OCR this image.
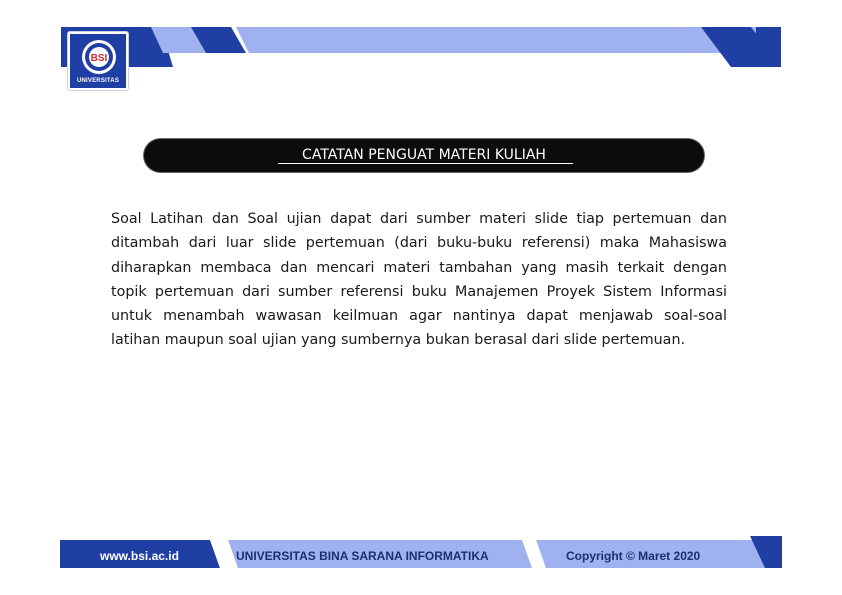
BSI
UNIVERSITAS
CATATAN PENGUAT MATERI KULIAH
Soal Latihan dan Soal ujian dapat dari sumber materi slide tiap pertemuan dan ditambah dari luar slide pertemuan (dari buku-buku referensi) maka Mahasiswa diharapkan membaca dan mencari materi tambahan yang masih terkait dengan topik pertemuan dari sumber referensi buku Manajemen Proyek Sistem Informasi untuk menambah wawasan keilmuan agar nantinya dapat menjawab soal-soal latihan maupun soal ujian yang sumbernya bukan berasal dari slide pertemuan.
www.bsi.ac.id	UNIVERSITAS BINA SARANA INFORMATIKA	Copyright © Maret 2020
